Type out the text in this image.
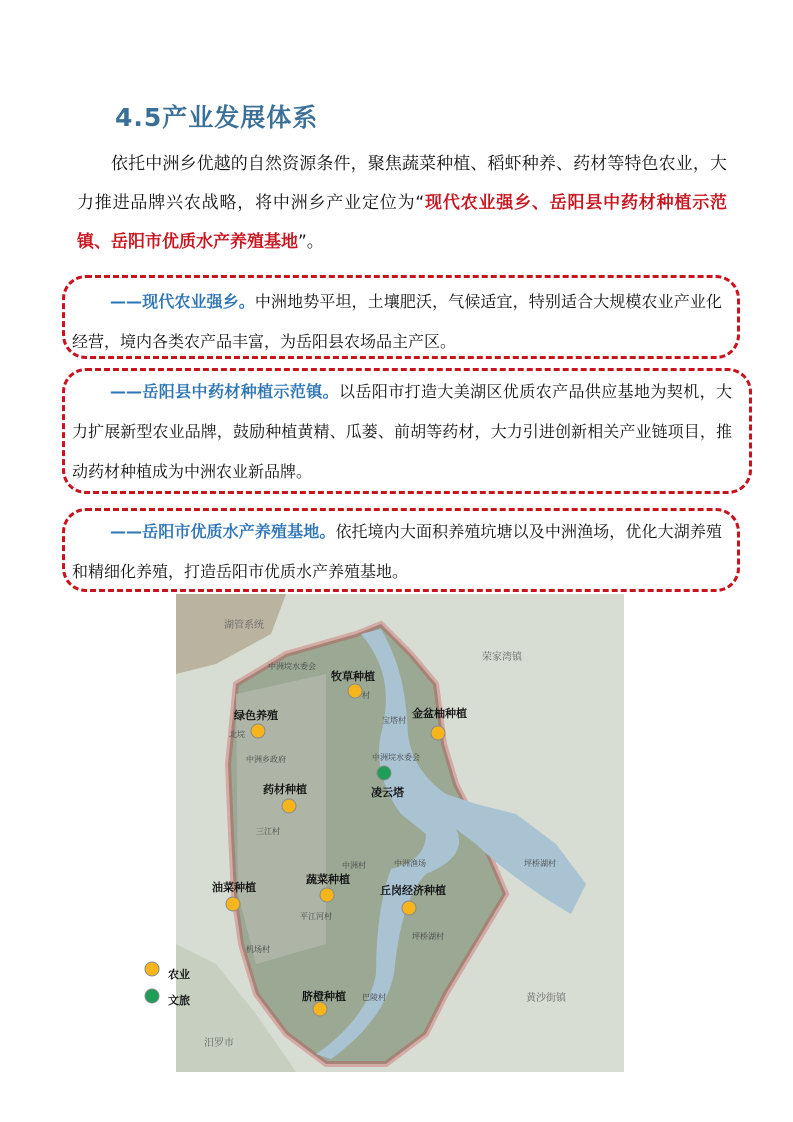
4.5产业发展体系
依托中洲乡优越的自然资源条件，聚焦蔬菜种植、稻虾种养、药材等特色农业，大力推进品牌兴农战略，将中洲乡产业定位为“现代农业强乡、岳阳县中药材种植示范镇、岳阳市优质水产养殖基地”。
——现代农业强乡。中洲地势平坦，土壤肥沃，气候适宜，特别适合大规模农业产业化经营，境内各类农产品丰富，为岳阳县农场品主产区。
——岳阳县中药材种植示范镇。以岳阳市打造大美湖区优质农产品供应基地为契机，大力扩展新型农业品牌，鼓励种植黄精、瓜蒌、前胡等药材，大力引进创新相关产业链项目，推动药材种植成为中洲农业新品牌。
——岳阳市优质水产养殖基地。依托境内大面积养殖坑塘以及中洲渔场，优化大湖养殖和精细化养殖，打造岳阳市优质水产养殖基地。
湖管系统
荣家湾镇
中洲垸水委会
北垸
宝塔村
中洲乡政府	中洲垸水委会
三江村
中洲村	中洲渔场	坪桥湖村
平江河村
坪桥湖村
机场村
巴陵村	黄沙街镇
汨罗市
村
牧草种植
绿色养殖	金盆柚种植
凌云塔
药材种植
油菜种植
蔬菜种植
丘岗经济种植
脐橙种植
农业
文旅
